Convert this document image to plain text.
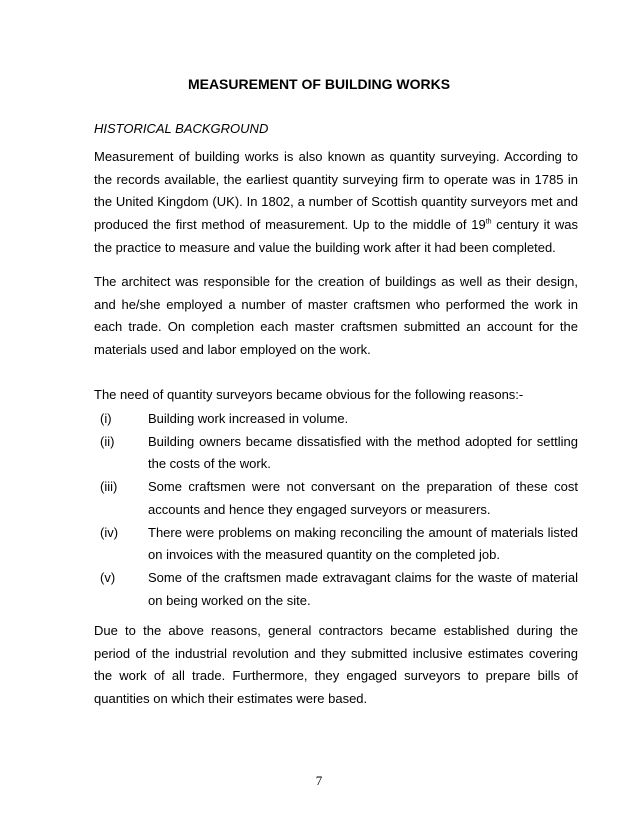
MEASUREMENT OF BUILDING WORKS
HISTORICAL BACKGROUND
Measurement of building works is also known as quantity surveying. According to the records available, the earliest quantity surveying firm to operate was in 1785 in the United Kingdom (UK). In 1802, a number of Scottish quantity surveyors met and produced the first method of measurement. Up to the middle of 19th century it was the practice to measure and value the building work after it had been completed.
The architect was responsible for the creation of buildings as well as their design, and he/she employed a number of master craftsmen who performed the work in each trade. On completion each master craftsmen submitted an account for the materials used and labor employed on the work.
The need of quantity surveyors became obvious for the following reasons:-
(i)	Building work increased in volume.
(ii)	Building owners became dissatisfied with the method adopted for settling the costs of the work.
(iii) Some craftsmen were not conversant on the preparation of these cost accounts and hence they engaged surveyors or measurers.
(iv) There were problems on making reconciling the amount of materials listed on invoices with the measured quantity on the completed job.
(v)	Some of the craftsmen made extravagant claims for the waste of material on being worked on the site.
Due to the above reasons, general contractors became established during the period of the industrial revolution and they submitted inclusive estimates covering the work of all trade. Furthermore, they engaged surveyors to prepare bills of quantities on which their estimates were based.
7
